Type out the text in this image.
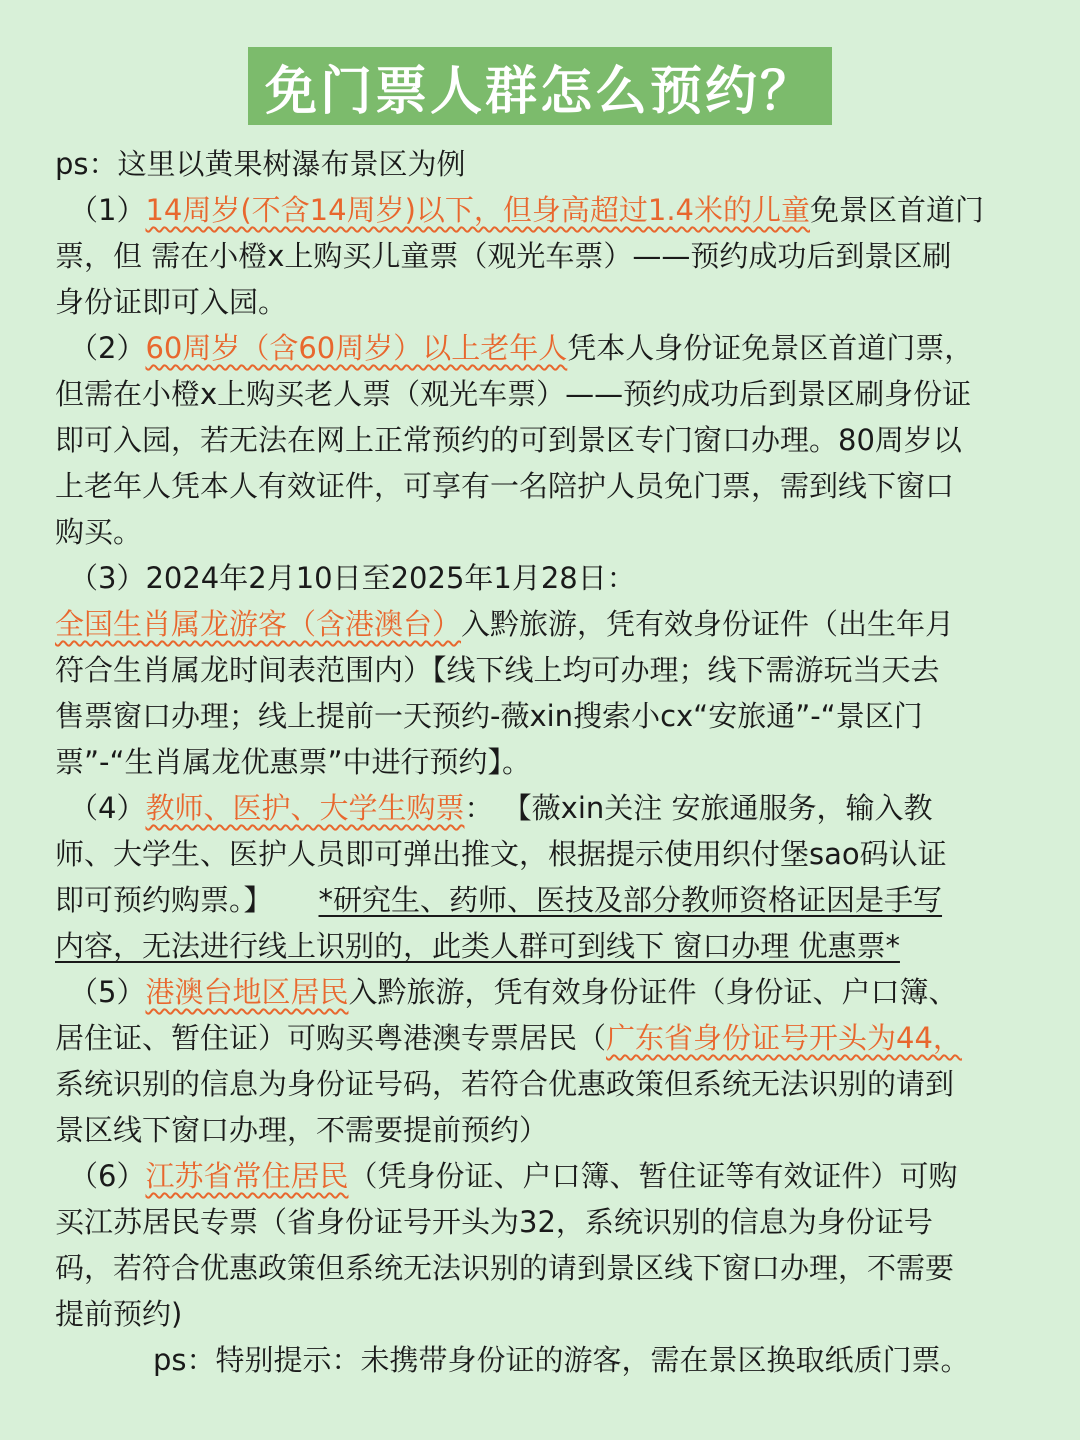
免门票人群怎么预约？
ps：这里以黄果树瀑布景区为例
（1）14周岁(不含14周岁)以下，但身高超过1.4米的儿童免景区首道门
票，但 需在小橙x上购买儿童票（观光车票）——预约成功后到景区刷
身份证即可入园。
（2）60周岁（含60周岁）以上老年人凭本人身份证免景区首道门票，
但需在小橙x上购买老人票（观光车票）——预约成功后到景区刷身份证
即可入园，若无法在网上正常预约的可到景区专门窗口办理。80周岁以
上老年人凭本人有效证件，可享有一名陪护人员免门票，需到线下窗口
购买。
（3）2024年2月10日至2025年1月28日：
全国生肖属龙游客（含港澳台）入黔旅游，凭有效身份证件（出生年月
符合生肖属龙时间表范围内）【线下线上均可办理；线下需游玩当天去
售票窗口办理；线上提前一天预约-薇xin搜索小cx“安旅通”-“景区门
票”-“生肖属龙优惠票”中进行预约】。
（4）教师、医护、大学生购票： 【薇xin关注 安旅通服务，输入教
师、大学生、医护人员即可弹出推文，根据提示使用织付堡sao码认证
即可预约购票。】 *研究生、药师、医技及部分教师资格证因是手写
内容，无法进行线上识别的，此类人群可到线下 窗口办理 优惠票*
（5）港澳台地区居民入黔旅游，凭有效身份证件（身份证、户口簿、
居住证、暂住证）可购买粤港澳专票居民（广东省身份证号开头为44，
系统识别的信息为身份证号码，若符合优惠政策但系统无法识别的请到
景区线下窗口办理，不需要提前预约）
（6）江苏省常住居民（凭身份证、户口簿、暂住证等有效证件）可购
买江苏居民专票（省身份证号开头为32，系统识别的信息为身份证号
码，若符合优惠政策但系统无法识别的请到景区线下窗口办理，不需要
提前预约)
ps：特别提示：未携带身份证的游客，需在景区换取纸质门票。
